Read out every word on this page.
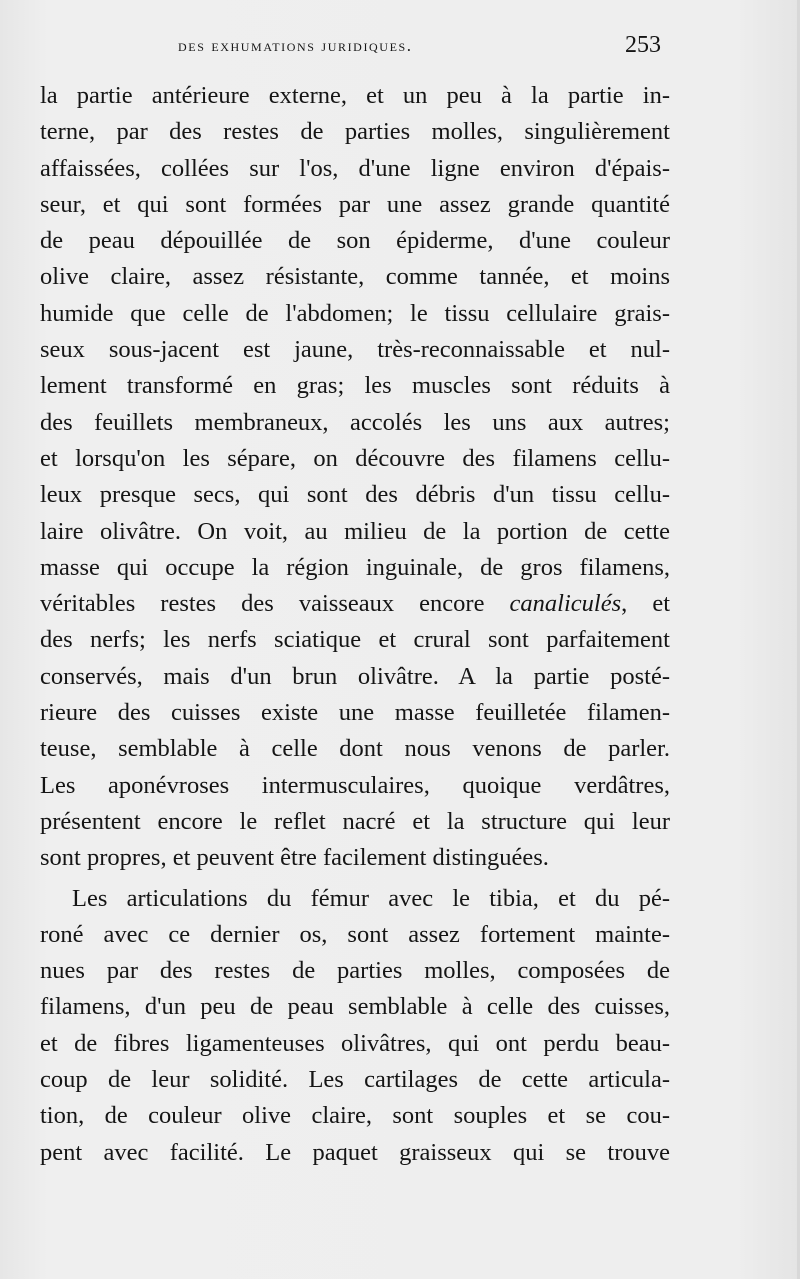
des exhumations juridiques.	253
la partie antérieure externe, et un peu à la partie in-
terne, par des restes de parties molles, singulièrement
affaissées, collées sur l'os, d'une ligne environ d'épais-
seur, et qui sont formées par une assez grande quantité
de peau dépouillée de son épiderme, d'une couleur
olive claire, assez résistante, comme tannée, et moins
humide que celle de l'abdomen; le tissu cellulaire grais-
seux sous-jacent est jaune, très-reconnaissable et nul-
lement transformé en gras; les muscles sont réduits à
des feuillets membraneux, accolés les uns aux autres;
et lorsqu'on les sépare, on découvre des filamens cellu-
leux presque secs, qui sont des débris d'un tissu cellu-
laire olivâtre. On voit, au milieu de la portion de cette
masse qui occupe la région inguinale, de gros filamens,
véritables restes des vaisseaux encore canaliculés, et
des nerfs; les nerfs sciatique et crural sont parfaitement
conservés, mais d'un brun olivâtre. A la partie posté-
rieure des cuisses existe une masse feuilletée filamen-
teuse, semblable à celle dont nous venons de parler.
Les aponévroses intermusculaires, quoique verdâtres,
présentent encore le reflet nacré et la structure qui leur
sont propres, et peuvent être facilement distinguées.
Les articulations du fémur avec le tibia, et du pé-
roné avec ce dernier os, sont assez fortement mainte-
nues par des restes de parties molles, composées de
filamens, d'un peu de peau semblable à celle des cuisses,
et de fibres ligamenteuses olivâtres, qui ont perdu beau-
coup de leur solidité. Les cartilages de cette articula-
tion, de couleur olive claire, sont souples et se cou-
pent avec facilité. Le paquet graisseux qui se trouve
